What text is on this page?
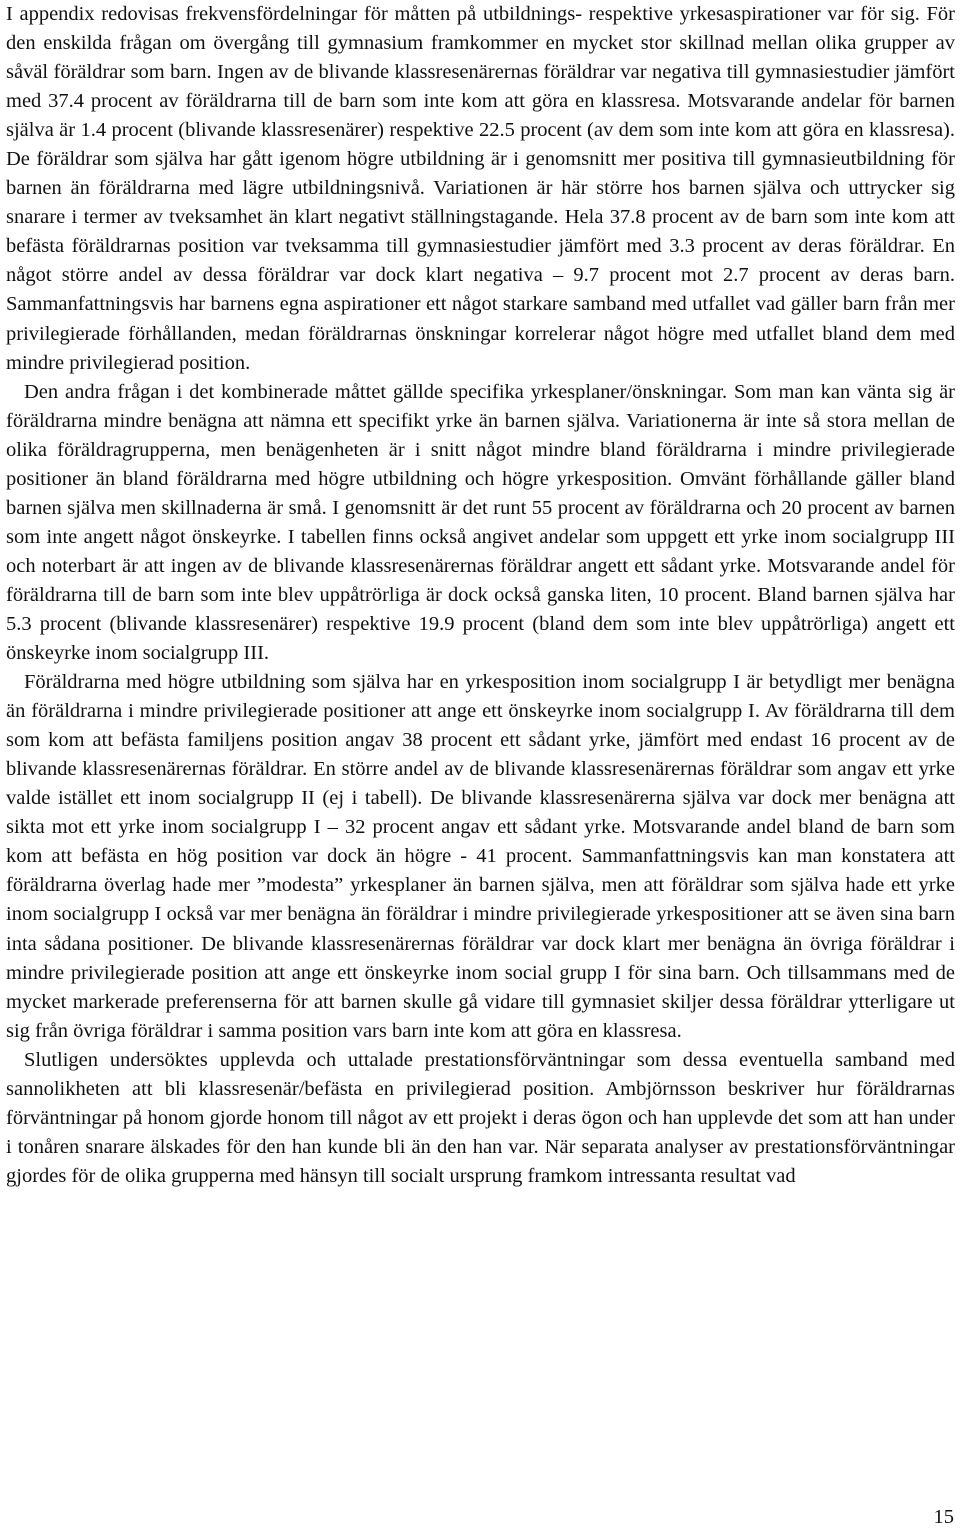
I appendix redovisas frekvensfördelningar för måtten på utbildnings- respektive yrkesaspirationer var för sig. För den enskilda frågan om övergång till gymnasium framkommer en mycket stor skillnad mellan olika grupper av såväl föräldrar som barn. Ingen av de blivande klassresenärernas föräldrar var negativa till gymnasiestudier jämfört med 37.4 procent av föräldrarna till de barn som inte kom att göra en klassresa. Motsvarande andelar för barnen själva är 1.4 procent (blivande klassresenärer) respektive 22.5 procent (av dem som inte kom att göra en klassresa). De föräldrar som själva har gått igenom högre utbildning är i genomsnitt mer positiva till gymnasieutbildning för barnen än föräldrarna med lägre utbildningsnivå. Variationen är här större hos barnen själva och uttrycker sig snarare i termer av tveksamhet än klart negativt ställningstagande. Hela 37.8 procent av de barn som inte kom att befästa föräldrarnas position var tveksamma till gymnasiestudier jämfört med 3.3 procent av deras föräldrar. En något större andel av dessa föräldrar var dock klart negativa – 9.7 procent mot 2.7 procent av deras barn. Sammanfattningsvis har barnens egna aspirationer ett något starkare samband med utfallet vad gäller barn från mer privilegierade förhållanden, medan föräldrarnas önskningar korrelerar något högre med utfallet bland dem med mindre privilegierad position.

Den andra frågan i det kombinerade måttet gällde specifika yrkesplaner/önskningar. Som man kan vänta sig är föräldrarna mindre benägna att nämna ett specifikt yrke än barnen själva. Variationerna är inte så stora mellan de olika föräldragrupperna, men benägenheten är i snitt något mindre bland föräldrarna i mindre privilegierade positioner än bland föräldrarna med högre utbildning och högre yrkesposition. Omvänt förhållande gäller bland barnen själva men skillnaderna är små. I genomsnitt är det runt 55 procent av föräldrarna och 20 procent av barnen som inte angett något önskeyrke. I tabellen finns också angivet andelar som uppgett ett yrke inom socialgrupp III och noterbart är att ingen av de blivande klassresenärernas föräldrar angett ett sådant yrke. Motsvarande andel för föräldrarna till de barn som inte blev uppåtrörliga är dock också ganska liten, 10 procent. Bland barnen själva har 5.3 procent (blivande klassresenärer) respektive 19.9 procent (bland dem som inte blev uppåtrörliga) angett ett önskeyrke inom socialgrupp III.

Föräldrarna med högre utbildning som själva har en yrkesposition inom socialgrupp I är betydligt mer benägna än föräldrarna i mindre privilegierade positioner att ange ett önskeyrke inom socialgrupp I. Av föräldrarna till dem som kom att befästa familjens position angav 38 procent ett sådant yrke, jämfört med endast 16 procent av de blivande klassresenärernas föräldrar. En större andel av de blivande klassresenärernas föräldrar som angav ett yrke valde istället ett inom socialgrupp II (ej i tabell). De blivande klassresenärerna själva var dock mer benägna att sikta mot ett yrke inom socialgrupp I – 32 procent angav ett sådant yrke. Motsvarande andel bland de barn som kom att befästa en hög position var dock än högre - 41 procent. Sammanfattningsvis kan man konstatera att föräldrarna överlag hade mer ”modesta” yrkesplaner än barnen själva, men att föräldrar som själva hade ett yrke inom socialgrupp I också var mer benägna än föräldrar i mindre privilegierade yrkespositioner att se även sina barn inta sådana positioner. De blivande klassresenärernas föräldrar var dock klart mer benägna än övriga föräldrar i mindre privilegierade position att ange ett önskeyrke inom social grupp I för sina barn. Och tillsammans med de mycket markerade preferenserna för att barnen skulle gå vidare till gymnasiet skiljer dessa föräldrar ytterligare ut sig från övriga föräldrar i samma position vars barn inte kom att göra en klassresa.

Slutligen undersöktes upplevda och uttalade prestationsförväntningar som dessa eventuella samband med sannolikheten att bli klassresenär/befästa en privilegierad position. Ambjörnsson beskriver hur föräldrarnas förväntningar på honom gjorde honom till något av ett projekt i deras ögon och han upplevde det som att han under i tonåren snarare älskades för den han kunde bli än den han var. När separata analyser av prestationsförväntningar gjordes för de olika grupperna med hänsyn till socialt ursprung framkom intressanta resultat vad

15
